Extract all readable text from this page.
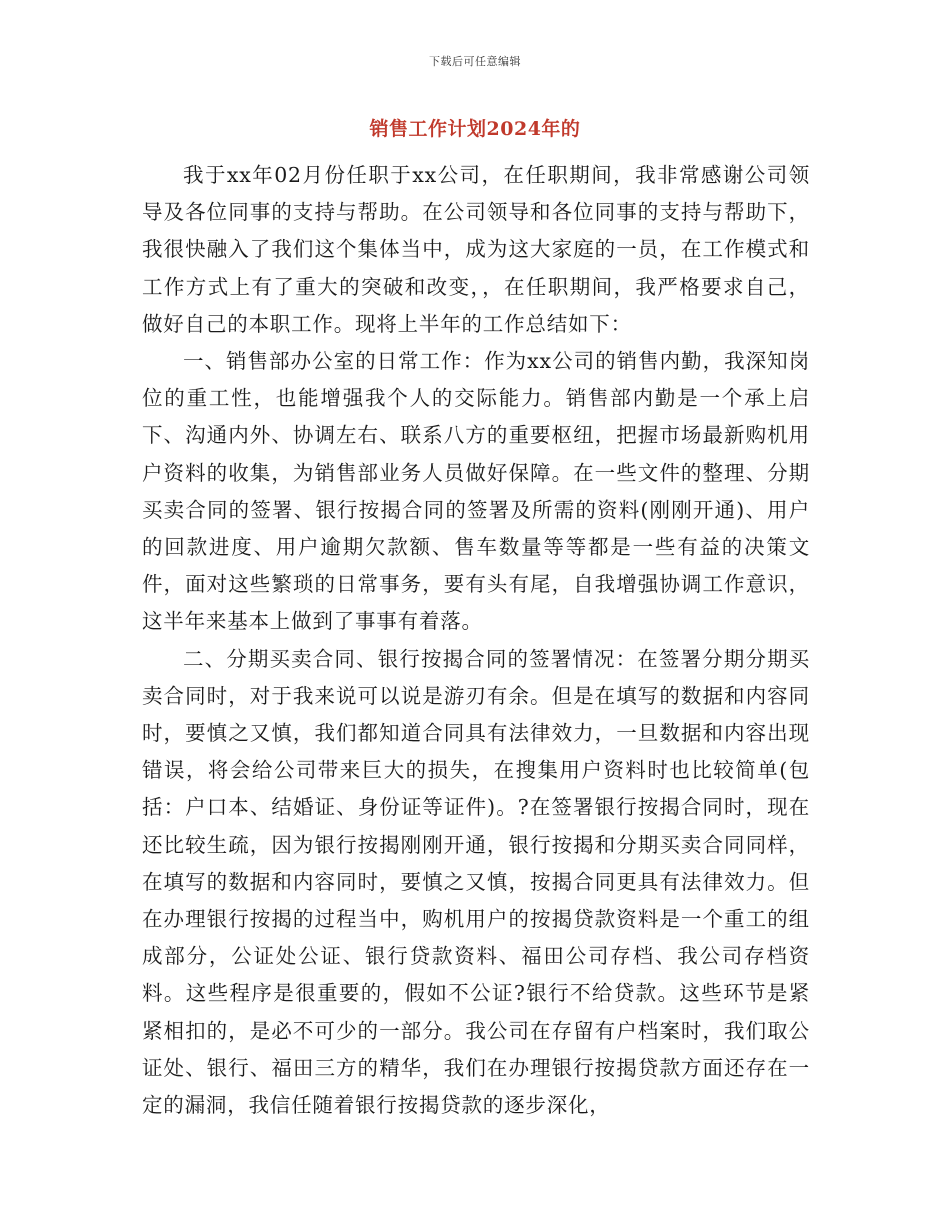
下载后可任意编辑
销售工作计划2024年的

我于xx年02月份任职于xx公司，在任职期间，我非常感谢公司领导及各位同事的支持与帮助。在公司领导和各位同事的支持与帮助下，我很快融入了我们这个集体当中，成为这大家庭的一员，在工作模式和工作方式上有了重大的突破和改变，，在任职期间，我严格要求自己，做好自己的本职工作。现将上半年的工作总结如下：

一、销售部办公室的日常工作：作为xx公司的销售内勤，我深知岗位的重工性，也能增强我个人的交际能力。销售部内勤是一个承上启下、沟通内外、协调左右、联系八方的重要枢纽，把握市场最新购机用户资料的收集，为销售部业务人员做好保障。在一些文件的整理、分期买卖合同的签署、银行按揭合同的签署及所需的资料(刚刚开通)、用户的回款进度、用户逾期欠款额、售车数量等等都是一些有益的决策文件，面对这些繁琐的日常事务，要有头有尾，自我增强协调工作意识，这半年来基本上做到了事事有着落。

二、分期买卖合同、银行按揭合同的签署情况：在签署分期分期买卖合同时，对于我来说可以说是游刃有余。但是在填写的数据和内容同时，要慎之又慎，我们都知道合同具有法律效力，一旦数据和内容出现错误，将会给公司带来巨大的损失，在搜集用户资料时也比较简单(包括：户口本、结婚证、身份证等证件)。?在签署银行按揭合同时，现在还比较生疏，因为银行按揭刚刚开通，银行按揭和分期买卖合同同样，在填写的数据和内容同时，要慎之又慎，按揭合同更具有法律效力。但在办理银行按揭的过程当中，购机用户的按揭贷款资料是一个重工的组成部分，公证处公证、银行贷款资料、福田公司存档、我公司存档资料。这些程序是很重要的，假如不公证?银行不给贷款。这些环节是紧紧相扣的，是必不可少的一部分。我公司在存留有户档案时，我们取公证处、银行、福田三方的精华，我们在办理银行按揭贷款方面还存在一定的漏洞，我信任随着银行按揭贷款的逐步深化，
